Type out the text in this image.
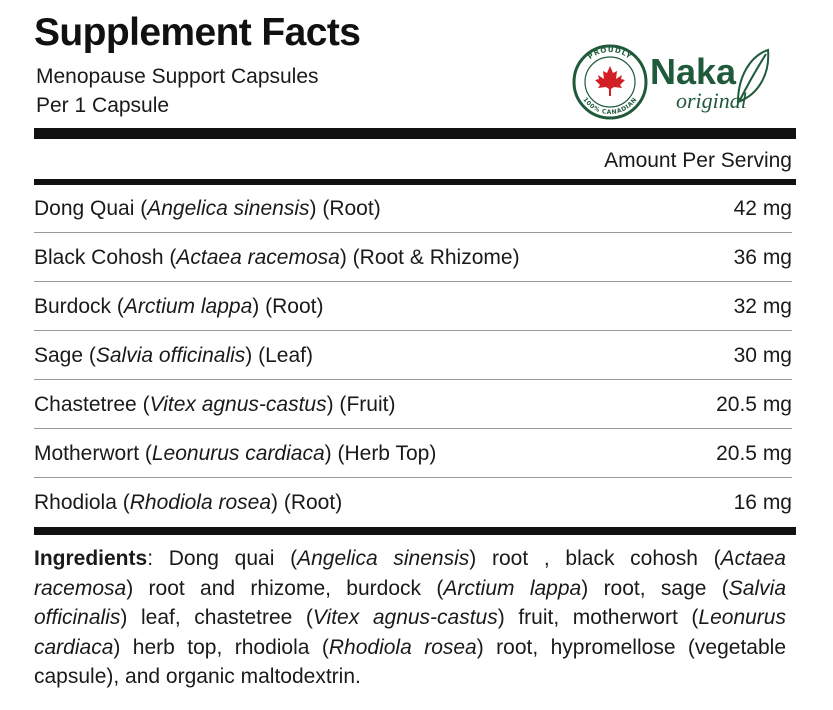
Supplement Facts
Menopause Support Capsules
Per 1 Capsule
PROUDLY
100% CANADIAN
Naka
original
Amount Per Serving
Dong Quai (Angelica sinensis) (Root)	42 mg
Black Cohosh (Actaea racemosa) (Root & Rhizome)	36 mg
Burdock (Arctium lappa) (Root)	32 mg
Sage (Salvia officinalis) (Leaf)	30 mg
Chastetree (Vitex agnus-castus) (Fruit)	20.5 mg
Motherwort (Leonurus cardiaca) (Herb Top)	20.5 mg
Rhodiola (Rhodiola rosea) (Root)	16 mg
Ingredients: Dong quai (Angelica sinensis) root , black cohosh (Actaea racemosa) root and rhizome, burdock (Arctium lappa) root, sage (Salvia officinalis) leaf, chastetree (Vitex agnus-castus) fruit, motherwort (Leonurus cardiaca) herb top, rhodiola (Rhodiola rosea) root, hypromellose (vegetable capsule), and organic maltodextrin.
